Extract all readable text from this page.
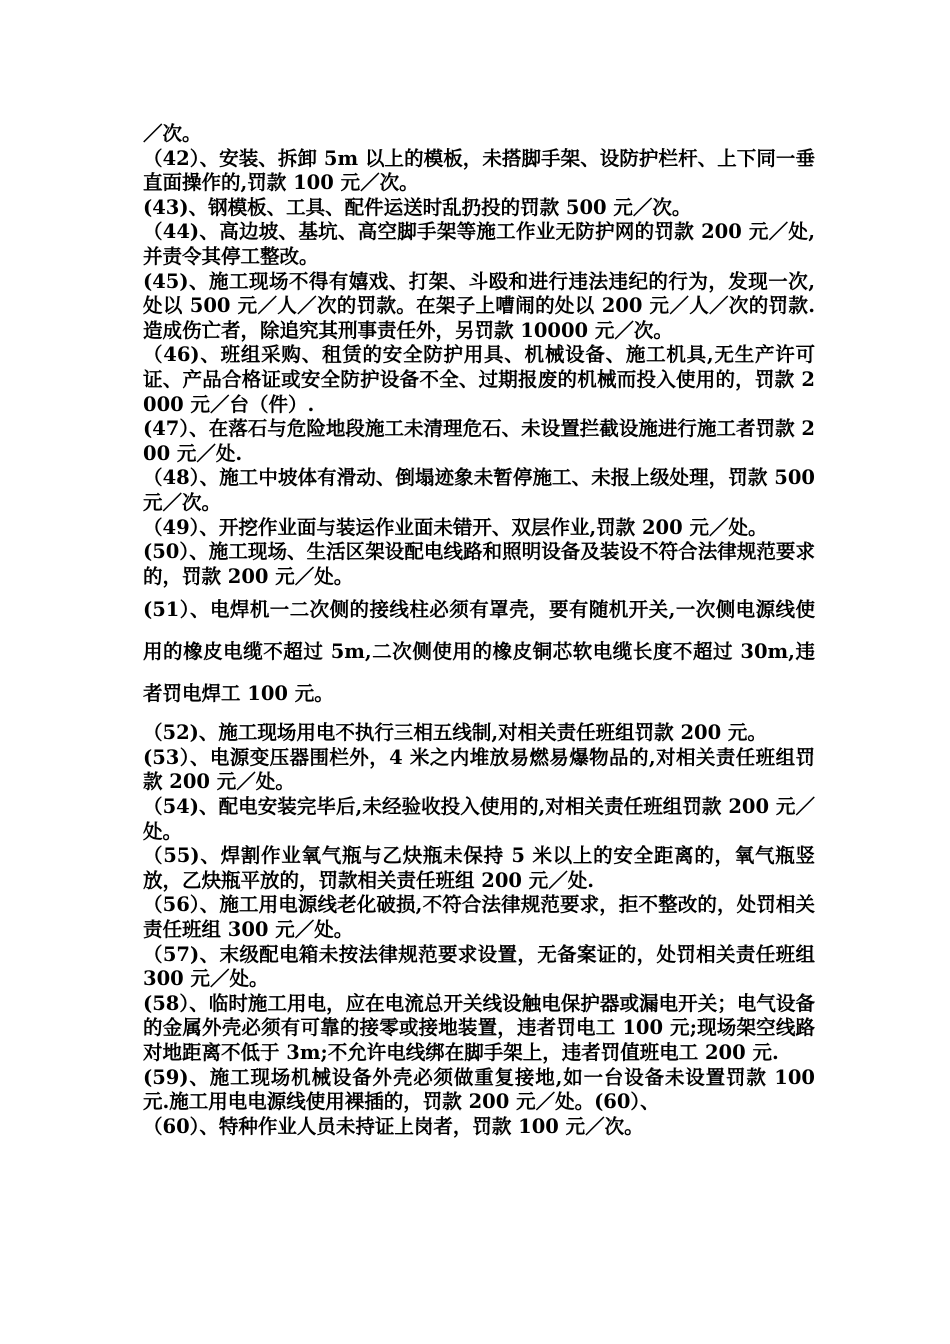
／次。

（42）、安装、拆卸 5m 以上的模板，未搭脚手架、设防护栏杆、上下同一垂直面操作的,罚款 100 元／次。

(43)、钢模板、工具、配件运送时乱扔投的罚款 500 元／次。

（44)、高边坡、基坑、高空脚手架等施工作业无防护网的罚款 200 元／处,并责令其停工整改。

(45)、施工现场不得有嬉戏、打架、斗殴和进行违法违纪的行为，发现一次,处以 500 元／人／次的罚款。在架子上嘈闹的处以 200 元／人／次的罚款.造成伤亡者，除追究其刑事责任外，另罚款 10000 元／次。

（46)、班组采购、租赁的安全防护用具、机械设备、施工机具,无生产许可证、产品合格证或安全防护设备不全、过期报废的机械而投入使用的，罚款 2000 元／台（件）.

(47）、在落石与危险地段施工未清理危石、未设置拦截设施进行施工者罚款 200 元／处.

（48）、施工中坡体有滑动、倒塌迹象未暂停施工、未报上级处理，罚款 500 元／次。

（49）、开挖作业面与装运作业面未错开、双层作业,罚款 200 元／处。

(50）、施工现场、生活区架设配电线路和照明设备及装设不符合法律规范要求的，罚款 200 元／处。

(51）、电焊机一二次侧的接线柱必须有罩壳，要有随机开关,一次侧电源线使用的橡皮电缆不超过 5m,二次侧使用的橡皮铜芯软电缆长度不超过 30m,违者罚电焊工 100 元。

（52)、施工现场用电不执行三相五线制,对相关责任班组罚款 200 元。

(53）、电源变压器围栏外，4 米之内堆放易燃易爆物品的,对相关责任班组罚款 200 元／处。

（54)、配电安装完毕后,未经验收投入使用的,对相关责任班组罚款 200 元／处。

（55)、焊割作业氧气瓶与乙炔瓶未保持 5 米以上的安全距离的，氧气瓶竖放，乙炔瓶平放的，罚款相关责任班组 200 元／处.

（56）、施工用电源线老化破损,不符合法律规范要求，拒不整改的，处罚相关责任班组 300 元／处。

（57)、末级配电箱未按法律规范要求设置，无备案证的，处罚相关责任班组 300 元／处。

(58）、临时施工用电，应在电流总开关线设触电保护器或漏电开关；电气设备的金属外壳必须有可靠的接零或接地装置，违者罚电工 100 元;现场架空线路对地距离不低于 3m;不允许电线绑在脚手架上，违者罚值班电工 200 元.

(59)、施工现场机械设备外壳必须做重复接地,如一台设备未设置罚款 100 元.施工用电电源线使用裸插的，罚款 200 元／处。(60）、

（60）、特种作业人员未持证上岗者，罚款 100 元／次。
